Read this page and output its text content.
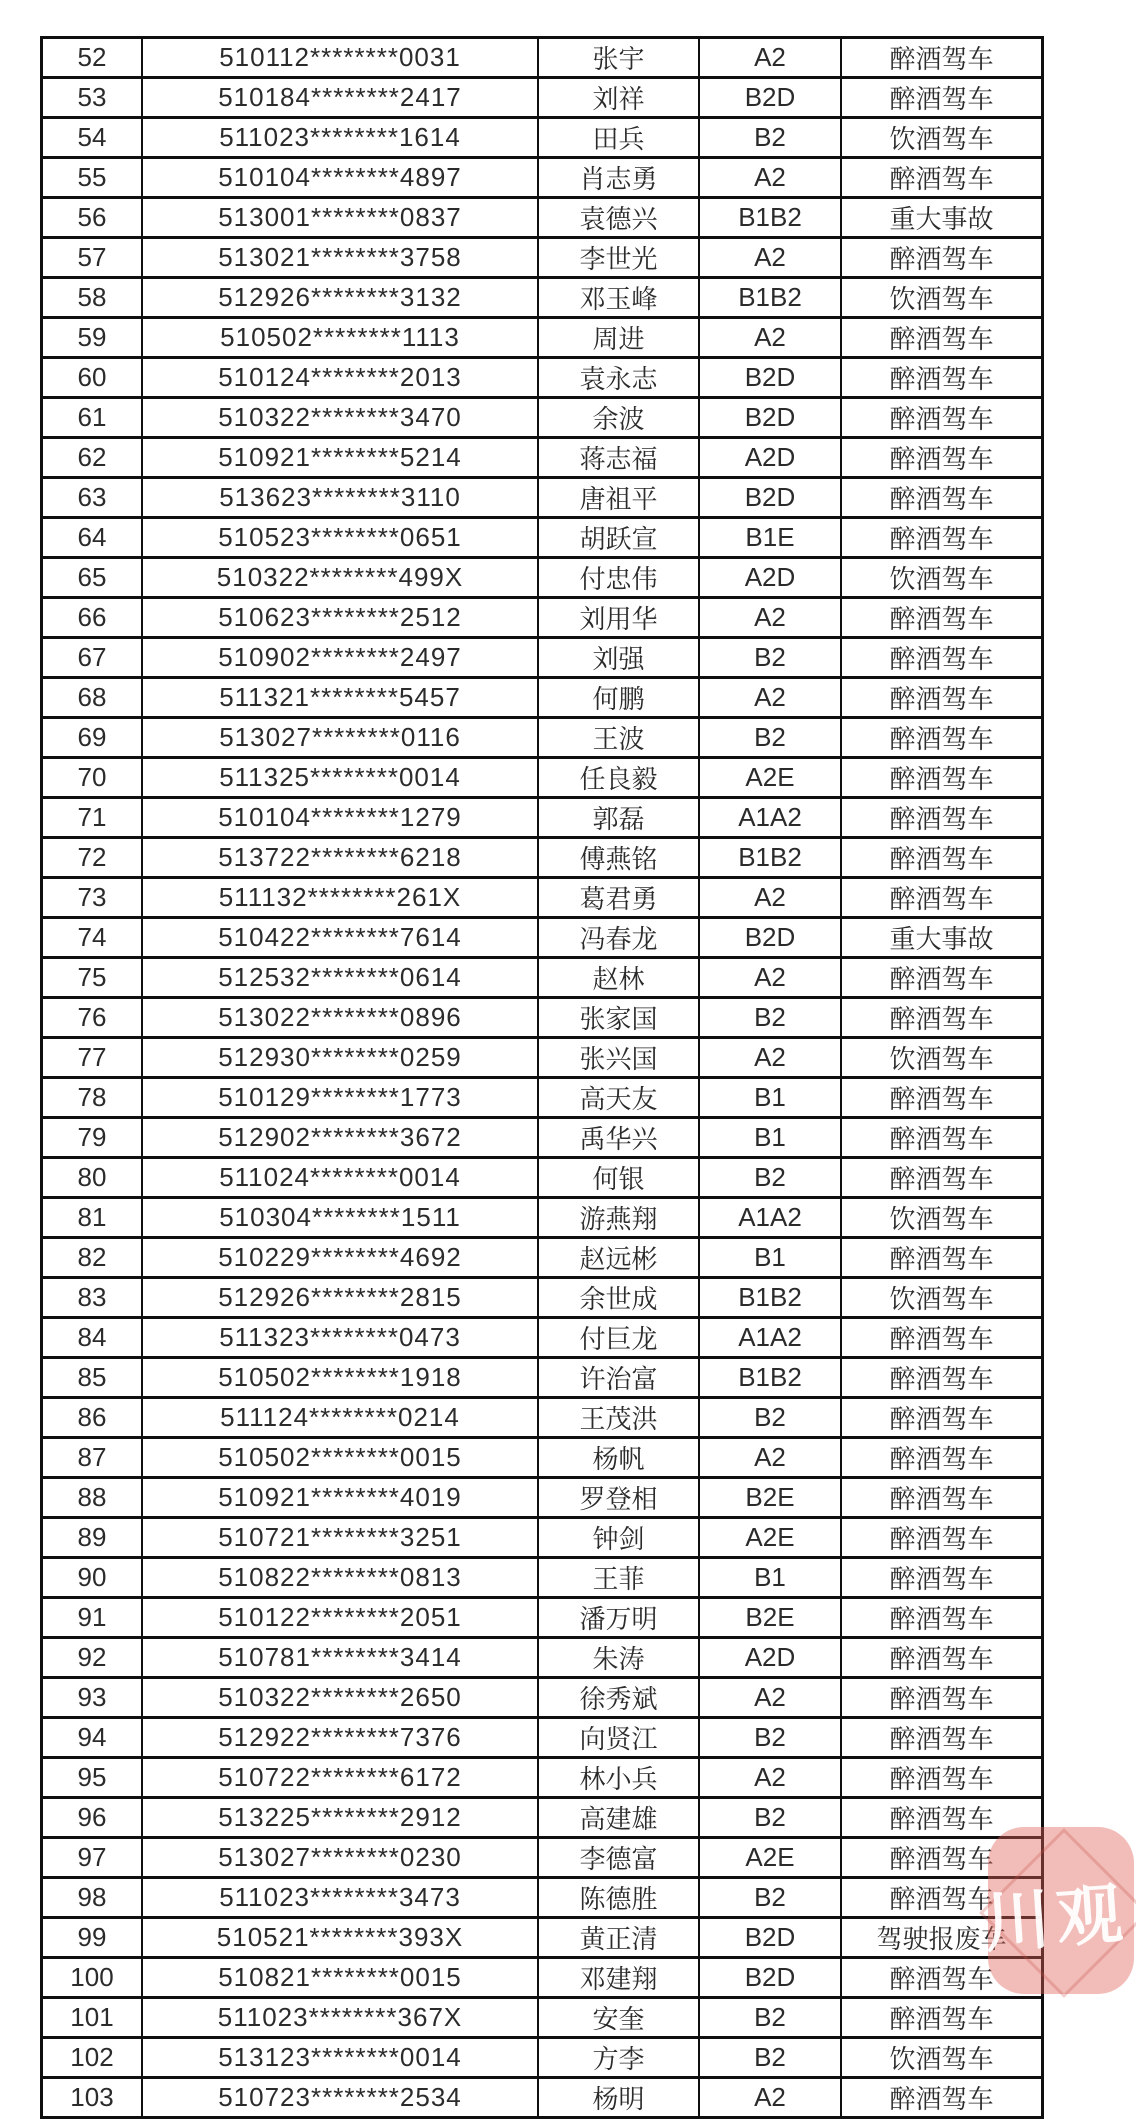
52	510112********0031	张宇	A2	醉酒驾车
53	510184********2417	刘祥	B2D	醉酒驾车
54	511023********1614	田兵	B2	饮酒驾车
55	510104********4897	肖志勇	A2	醉酒驾车
56	513001********0837	袁德兴	B1B2	重大事故
57	513021********3758	李世光	A2	醉酒驾车
58	512926********3132	邓玉峰	B1B2	饮酒驾车
59	510502********1113	周进	A2	醉酒驾车
60	510124********2013	袁永志	B2D	醉酒驾车
61	510322********3470	余波	B2D	醉酒驾车
62	510921********5214	蒋志福	A2D	醉酒驾车
63	513623********3110	唐祖平	B2D	醉酒驾车
64	510523********0651	胡跃宣	B1E	醉酒驾车
65	510322********499X	付忠伟	A2D	饮酒驾车
66	510623********2512	刘用华	A2	醉酒驾车
67	510902********2497	刘强	B2	醉酒驾车
68	511321********5457	何鹏	A2	醉酒驾车
69	513027********0116	王波	B2	醉酒驾车
70	511325********0014	任良毅	A2E	醉酒驾车
71	510104********1279	郭磊	A1A2	醉酒驾车
72	513722********6218	傅燕铭	B1B2	醉酒驾车
73	511132********261X	葛君勇	A2	醉酒驾车
74	510422********7614	冯春龙	B2D	重大事故
75	512532********0614	赵林	A2	醉酒驾车
76	513022********0896	张家国	B2	醉酒驾车
77	512930********0259	张兴国	A2	饮酒驾车
78	510129********1773	高天友	B1	醉酒驾车
79	512902********3672	禹华兴	B1	醉酒驾车
80	511024********0014	何银	B2	醉酒驾车
81	510304********1511	游燕翔	A1A2	饮酒驾车
82	510229********4692	赵远彬	B1	醉酒驾车
83	512926********2815	余世成	B1B2	饮酒驾车
84	511323********0473	付巨龙	A1A2	醉酒驾车
85	510502********1918	许治富	B1B2	醉酒驾车
86	511124********0214	王茂洪	B2	醉酒驾车
87	510502********0015	杨帆	A2	醉酒驾车
88	510921********4019	罗登相	B2E	醉酒驾车
89	510721********3251	钟剑	A2E	醉酒驾车
90	510822********0813	王菲	B1	醉酒驾车
91	510122********2051	潘万明	B2E	醉酒驾车
92	510781********3414	朱涛	A2D	醉酒驾车
93	510322********2650	徐秀斌	A2	醉酒驾车
94	512922********7376	向贤江	B2	醉酒驾车
95	510722********6172	林小兵	A2	醉酒驾车
96	513225********2912	高建雄	B2	醉酒驾车
97	513027********0230	李德富	A2E	醉酒驾车
98	511023********3473	陈德胜	B2	醉酒驾车
99	510521********393X	黄正清	B2D	驾驶报废车
100	510821********0015	邓建翔	B2D	醉酒驾车
101	511023********367X	安奎	B2	醉酒驾车
102	513123********0014	方李	B2	饮酒驾车
103	510723********2534	杨明	A2	醉酒驾车
川观
